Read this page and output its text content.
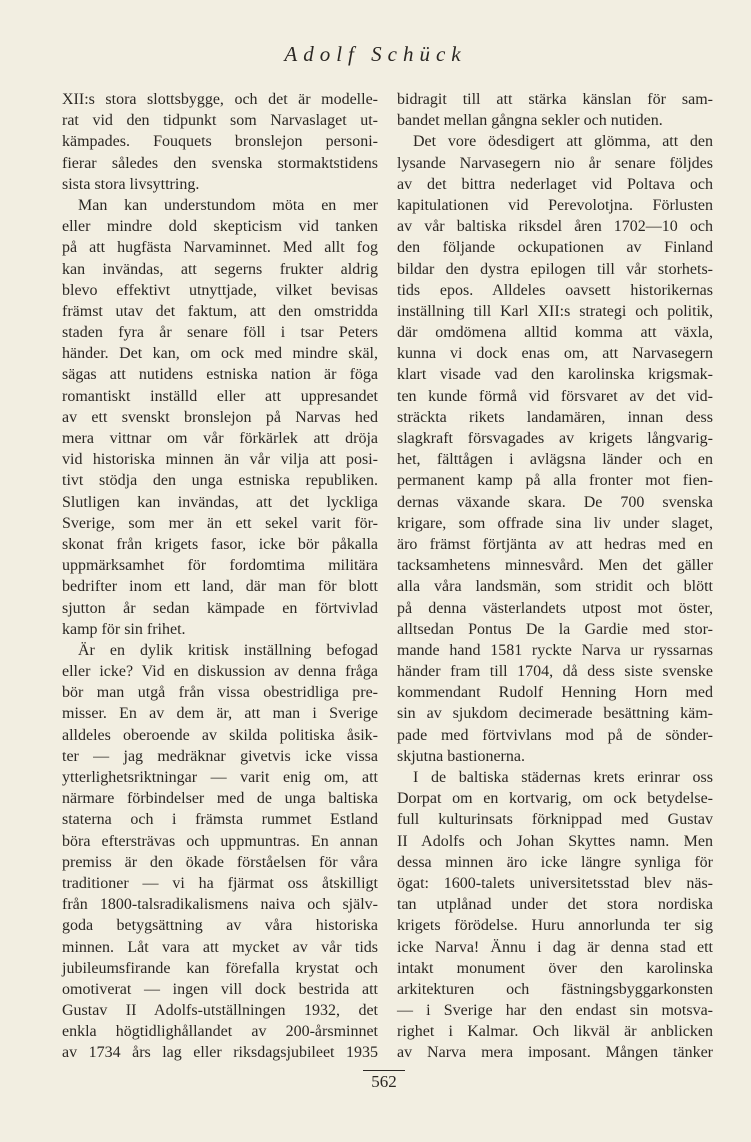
Adolf Schück
XII:s stora slottsbygge, och det är modelle-
rat vid den tidpunkt som Narvaslaget ut-
kämpades. Fouquets bronslejon personi-
fierar således den svenska stormaktstidens
sista stora livsyttring.
Man kan understundom möta en mer
eller mindre dold skepticism vid tanken
på att hugfästa Narvaminnet. Med allt fog
kan invändas, att segerns frukter aldrig
blevo effektivt utnyttjade, vilket bevisas
främst utav det faktum, att den omstridda
staden fyra år senare föll i tsar Peters
händer. Det kan, om ock med mindre skäl,
sägas att nutidens estniska nation är föga
romantiskt inställd eller att uppresandet
av ett svenskt bronslejon på Narvas hed
mera vittnar om vår förkärlek att dröja
vid historiska minnen än vår vilja att posi-
tivt stödja den unga estniska republiken.
Slutligen kan invändas, att det lyckliga
Sverige, som mer än ett sekel varit för-
skonat från krigets fasor, icke bör påkalla
uppmärksamhet för fordomtima militära
bedrifter inom ett land, där man för blott
sjutton år sedan kämpade en förtvivlad
kamp för sin frihet.
Är en dylik kritisk inställning befogad
eller icke? Vid en diskussion av denna fråga
bör man utgå från vissa obestridliga pre-
misser. En av dem är, att man i Sverige
alldeles oberoende av skilda politiska åsik-
ter — jag medräknar givetvis icke vissa
ytterlighetsriktningar — varit enig om, att
närmare förbindelser med de unga baltiska
staterna och i främsta rummet Estland
böra eftersträvas och uppmuntras. En annan
premiss är den ökade förståelsen för våra
traditioner — vi ha fjärmat oss åtskilligt
från 1800-talsradikalismens naiva och själv-
goda betygsättning av våra historiska
minnen. Låt vara att mycket av vår tids
jubileumsfirande kan förefalla krystat och
omotiverat — ingen vill dock bestrida att
Gustav II Adolfs-utställningen 1932, det
enkla högtidlighållandet av 200-årsminnet
av 1734 års lag eller riksdagsjubileet 1935
bidragit till att stärka känslan för sam-
bandet mellan gångna sekler och nutiden.
Det vore ödesdigert att glömma, att den
lysande Narvasegern nio år senare följdes
av det bittra nederlaget vid Poltava och
kapitulationen vid Perevolotjna. Förlusten
av vår baltiska riksdel åren 1702—10 och
den följande ockupationen av Finland
bildar den dystra epilogen till vår storhets-
tids epos. Alldeles oavsett historikernas
inställning till Karl XII:s strategi och politik,
där omdömena alltid komma att växla,
kunna vi dock enas om, att Narvasegern
klart visade vad den karolinska krigsmak-
ten kunde förmå vid försvaret av det vid-
sträckta rikets landamären, innan dess
slagkraft försvagades av krigets långvarig-
het, fälttågen i avlägsna länder och en
permanent kamp på alla fronter mot fien-
dernas växande skara. De 700 svenska
krigare, som offrade sina liv under slaget,
äro främst förtjänta av att hedras med en
tacksamhetens minnesvård. Men det gäller
alla våra landsmän, som stridit och blött
på denna västerlandets utpost mot öster,
alltsedan Pontus De la Gardie med stor-
mande hand 1581 ryckte Narva ur ryssarnas
händer fram till 1704, då dess siste svenske
kommendant Rudolf Henning Horn med
sin av sjukdom decimerade besättning käm-
pade med förtvivlans mod på de sönder-
skjutna bastionerna.
I de baltiska städernas krets erinrar oss
Dorpat om en kortvarig, om ock betydelse-
full kulturinsats förknippad med Gustav
II Adolfs och Johan Skyttes namn. Men
dessa minnen äro icke längre synliga för
ögat: 1600-talets universitetsstad blev näs-
tan utplånad under det stora nordiska
krigets förödelse. Huru annorlunda ter sig
icke Narva! Ännu i dag är denna stad ett
intakt monument över den karolinska
arkitekturen och fästningsbyggarkonsten
— i Sverige har den endast sin motsva-
righet i Kalmar. Och likväl är anblicken
av Narva mera imposant. Mången tänker
562
